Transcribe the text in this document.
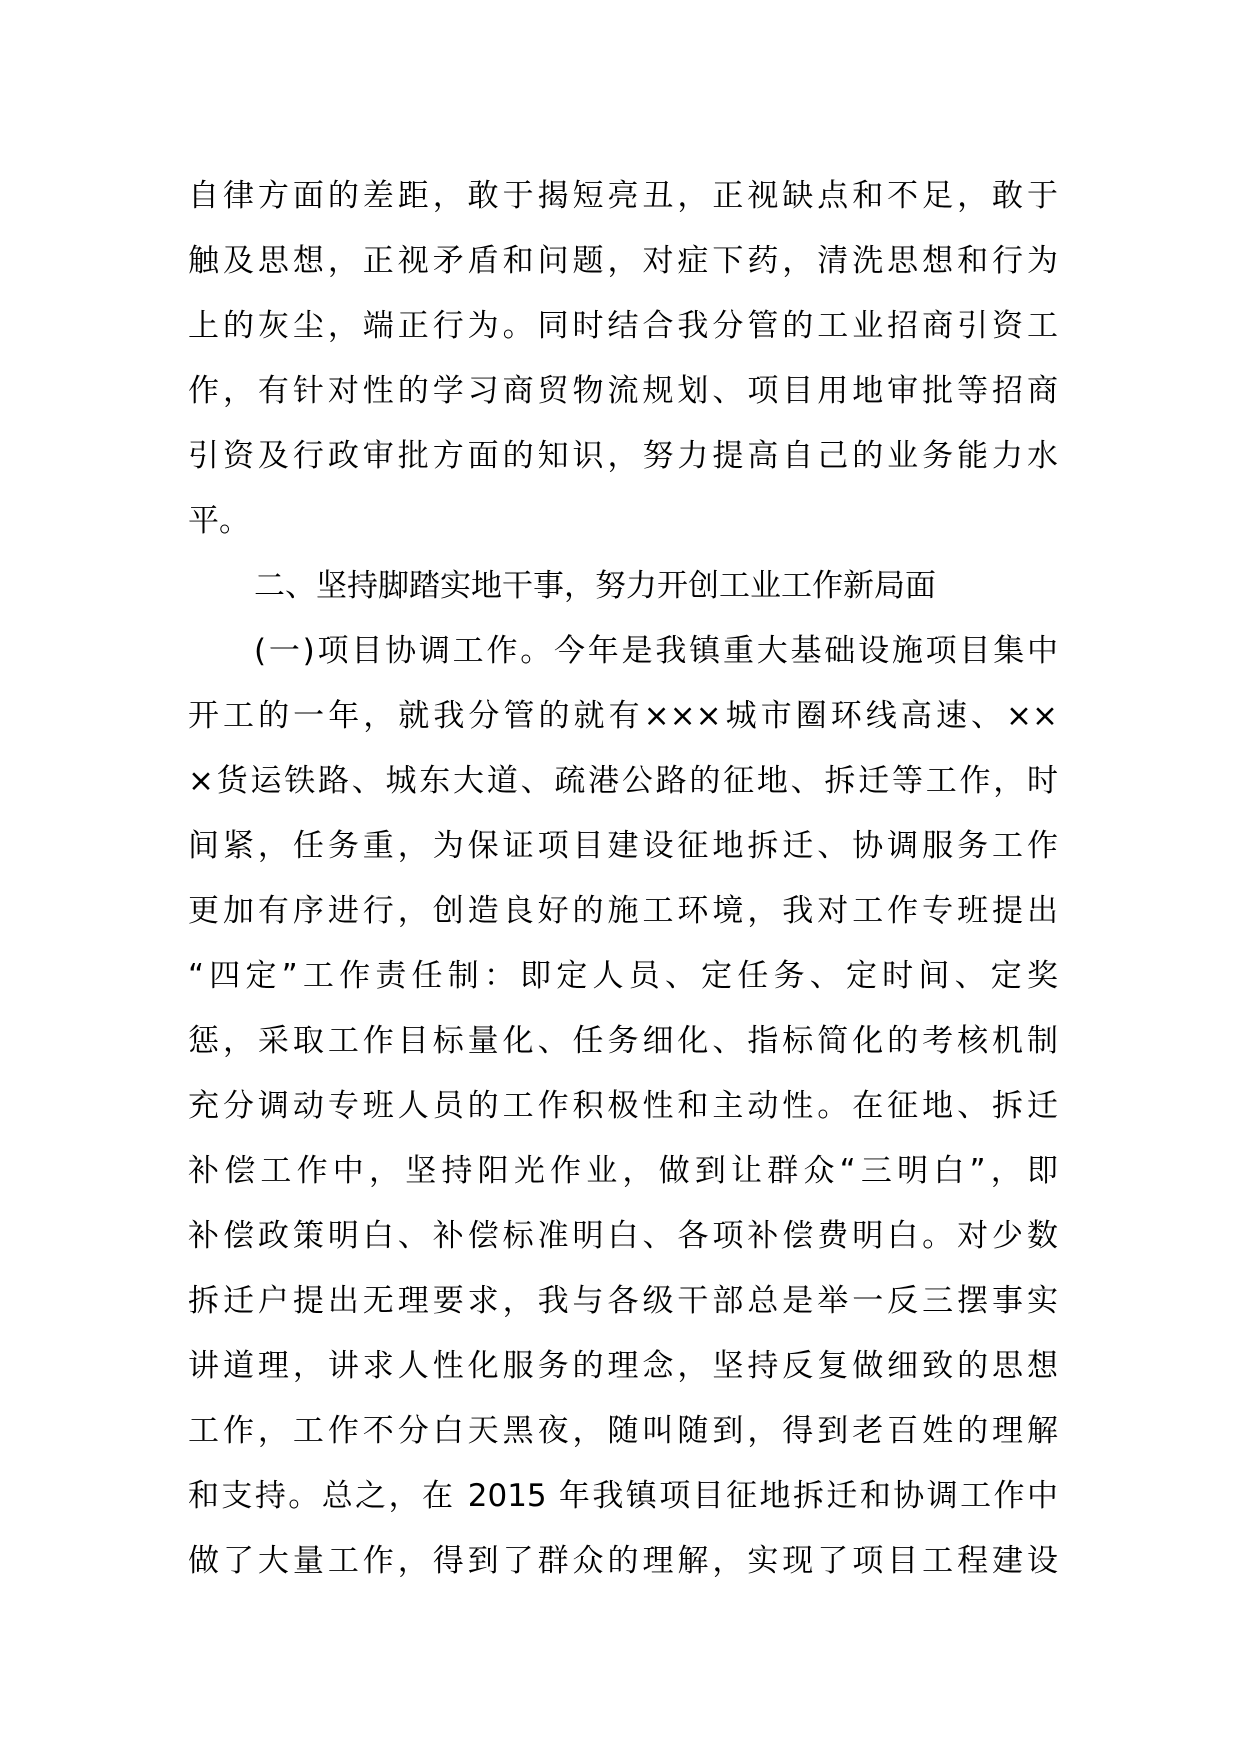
自律方面的差距，敢于揭短亮丑，正视缺点和不足，敢于
触及思想，正视矛盾和问题，对症下药，清洗思想和行为
上的灰尘，端正行为。同时结合我分管的工业招商引资工
作，有针对性的学习商贸物流规划、项目用地审批等招商
引资及行政审批方面的知识，努力提高自己的业务能力水
平。
二、坚持脚踏实地干事，努力开创工业工作新局面
(一)项目协调工作。今年是我镇重大基础设施项目集中
开工的一年，就我分管的就有×××城市圈环线高速、××
×货运铁路、城东大道、疏港公路的征地、拆迁等工作，时
间紧，任务重，为保证项目建设征地拆迁、协调服务工作
更加有序进行，创造良好的施工环境，我对工作专班提出
“四定”工作责任制：即定人员、定任务、定时间、定奖
惩，采取工作目标量化、任务细化、指标简化的考核机制
充分调动专班人员的工作积极性和主动性。在征地、拆迁
补偿工作中，坚持阳光作业，做到让群众“三明白”，即
补偿政策明白、补偿标准明白、各项补偿费明白。对少数
拆迁户提出无理要求，我与各级干部总是举一反三摆事实
讲道理，讲求人性化服务的理念，坚持反复做细致的思想
工作，工作不分白天黑夜，随叫随到，得到老百姓的理解
和支持。总之，在 2015 年我镇项目征地拆迁和协调工作中
做了大量工作，得到了群众的理解，实现了项目工程建设
